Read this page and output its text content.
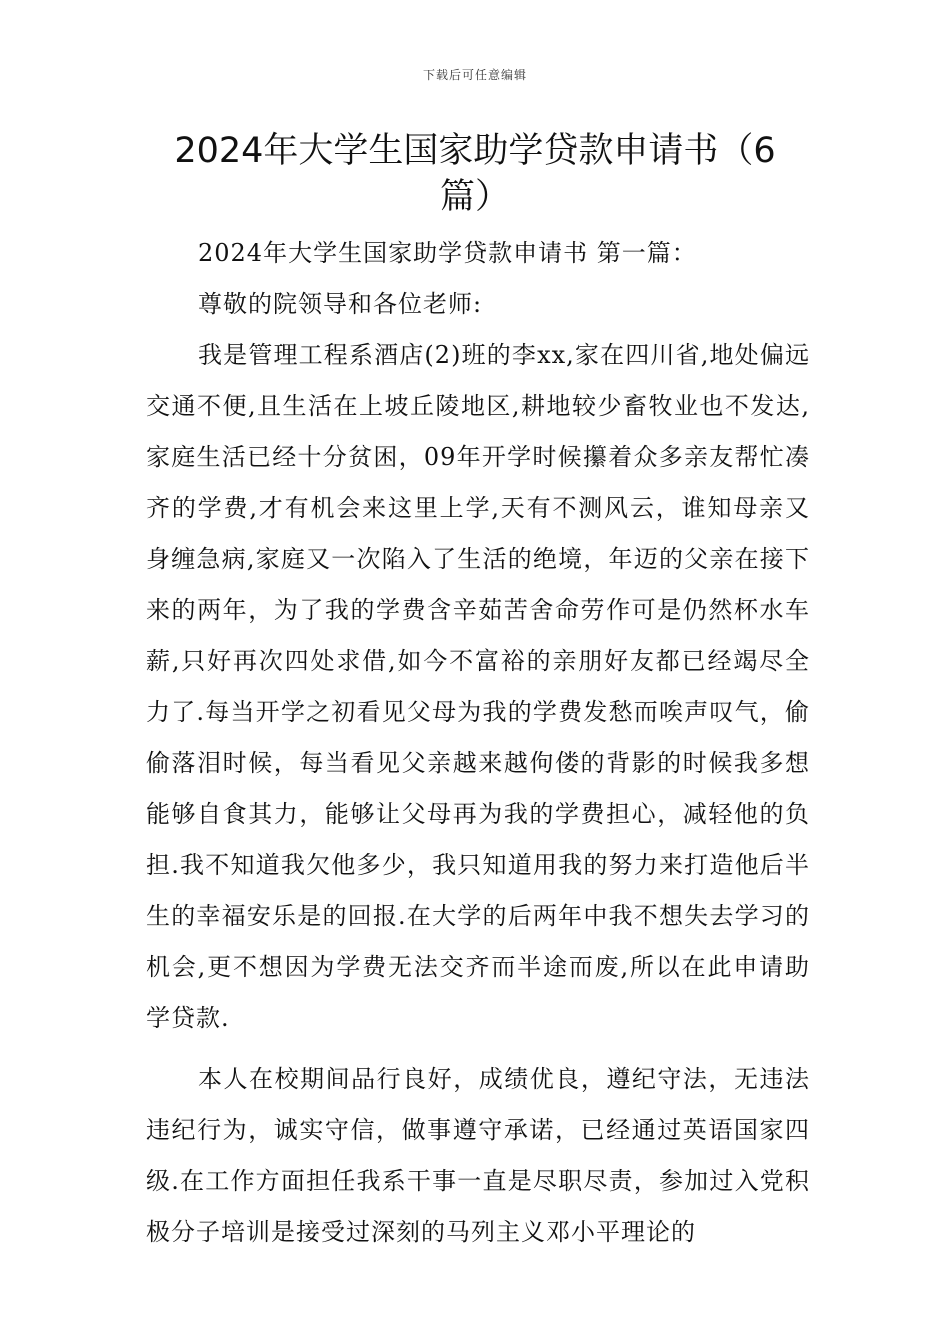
下载后可任意编辑
2024年大学生国家助学贷款申请书（6篇）

2024年大学生国家助学贷款申请书 第一篇：

尊敬的院领导和各位老师:

我是管理工程系酒店(2)班的李xx,家在四川省,地处偏远交通不便,且生活在上坡丘陵地区,耕地较少畜牧业也不发达,家庭生活已经十分贫困，09年开学时候攥着众多亲友帮忙凑齐的学费,才有机会来这里上学,天有不测风云，谁知母亲又身缠急病,家庭又一次陷入了生活的绝境，年迈的父亲在接下来的两年，为了我的学费含辛茹苦舍命劳作可是仍然杯水车薪,只好再次四处求借,如今不富裕的亲朋好友都已经竭尽全力了.每当开学之初看见父母为我的学费发愁而唉声叹气，偷偷落泪时候，每当看见父亲越来越佝偻的背影的时候我多想能够自食其力，能够让父母再为我的学费担心，减轻他的负担.我不知道我欠他多少，我只知道用我的努力来打造他后半生的幸福安乐是的回报.在大学的后两年中我不想失去学习的机会,更不想因为学费无法交齐而半途而废,所以在此申请助学贷款.

本人在校期间品行良好，成绩优良，遵纪守法，无违法违纪行为，诚实守信，做事遵守承诺，已经通过英语国家四级.在工作方面担任我系干事一直是尽职尽责，参加过入党积极分子培训是接受过深刻的马列主义邓小平理论的
